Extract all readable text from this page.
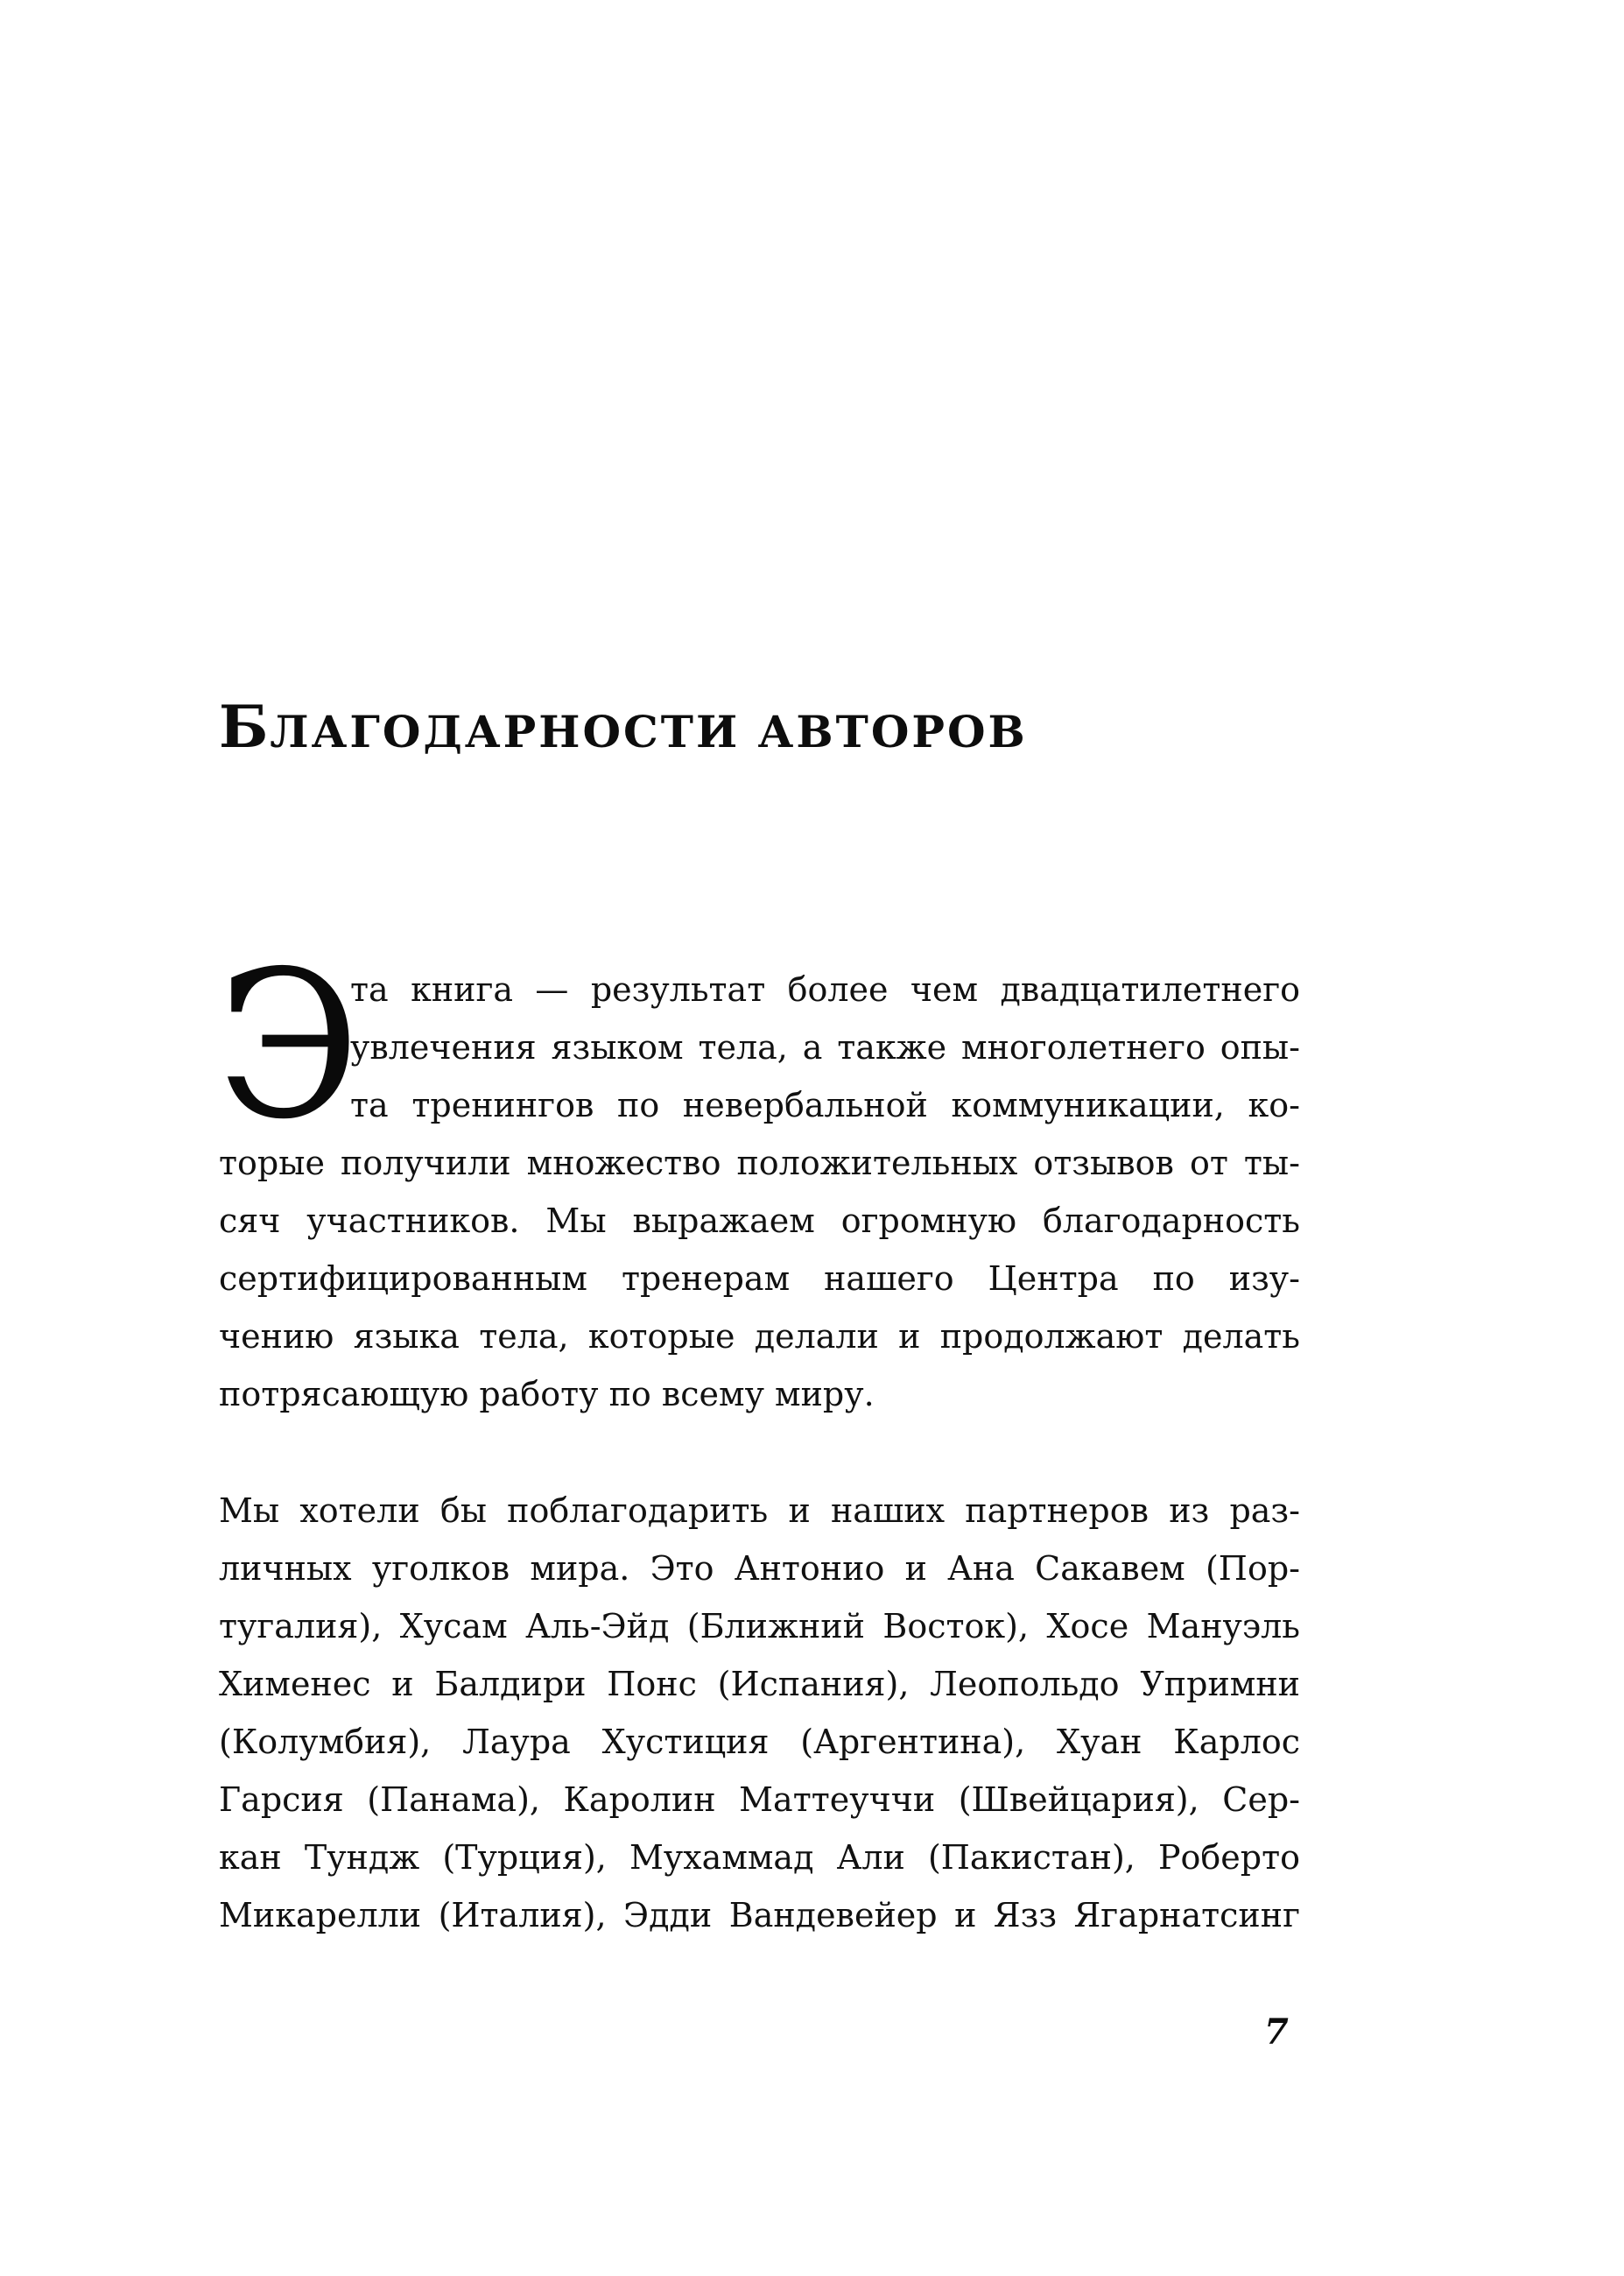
БЛАГОДАРНОСТИ АВТОРОВ
Э
та книга — результат более чем двадцатилетнего
увлечения языком тела, а также многолетнего опы-
та тренингов по невербальной коммуникации, ко-
торые получили множество положительных отзывов от ты-
сяч участников. Мы выражаем огромную благодарность
сертифицированным тренерам нашего Центра по изу-
чению языка тела, которые делали и продолжают делать
потрясающую работу по всему миру.
Мы хотели бы поблагодарить и наших партнеров из раз-
личных уголков мира. Это Антонио и Ана Сакавем (Пор-
тугалия), Хусам Аль-Эйд (Ближний Восток), Хосе Мануэль
Хименес и Балдири Понс (Испания), Леопольдо Упримни
(Колумбия), Лаура Хустиция (Аргентина), Хуан Карлос
Гарсия (Панама), Каролин Маттеуччи (Швейцария), Сер-
кан Тундж (Турция), Мухаммад Али (Пакистан), Роберто
Микарелли (Италия), Эдди Вандевейер и Язз Ягарнатсинг
7
